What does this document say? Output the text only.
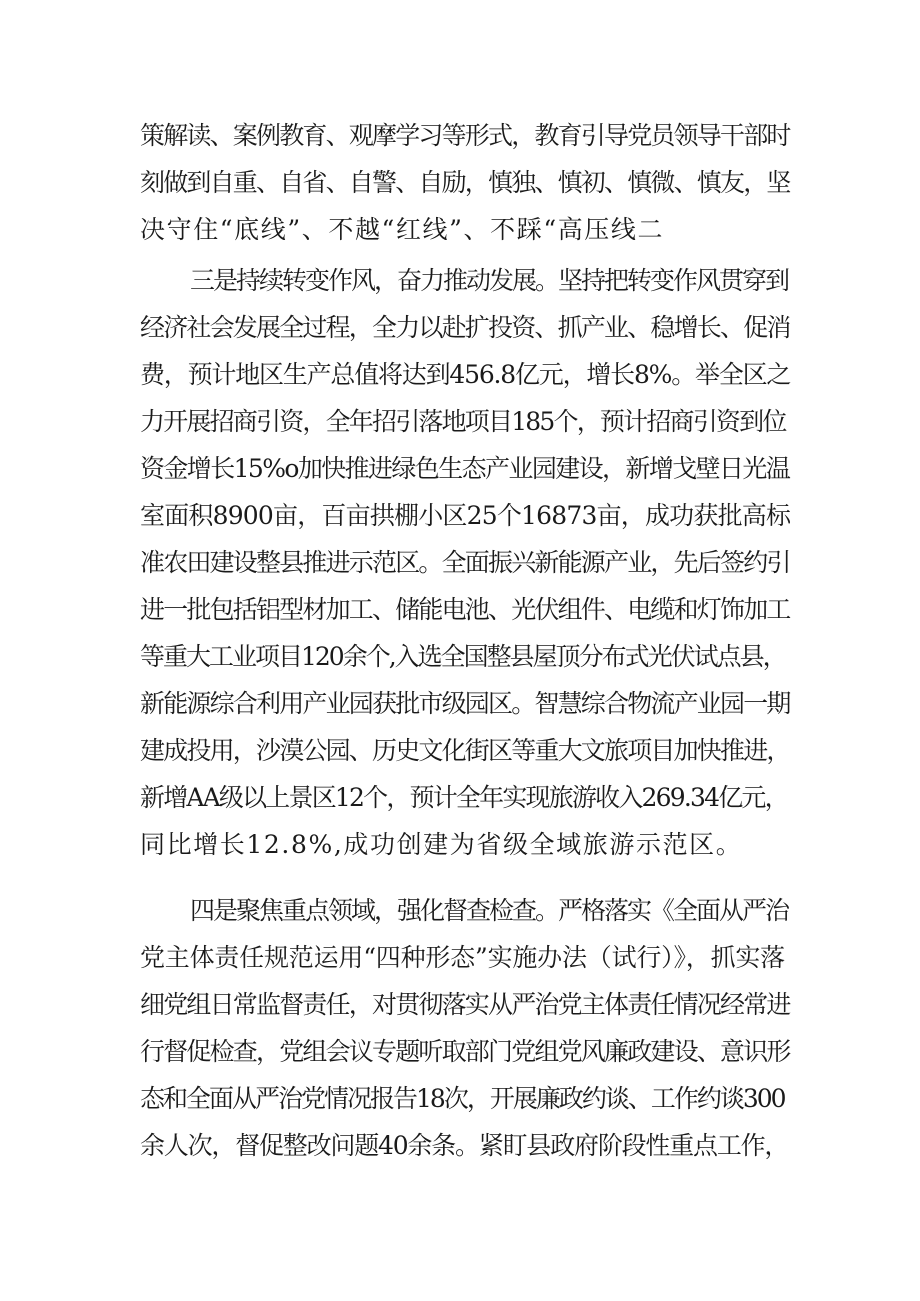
策解读、案例教育、观摩学习等形式，教育引导党员领导干部时
刻做到自重、自省、自警、自励，慎独、慎初、慎微、慎友，坚
决守住“底线”、不越“红线”、不踩“高压线二
三是持续转变作风，奋力推动发展。坚持把转变作风贯穿到
经济社会发展全过程，全力以赴扩投资、抓产业、稳增长、促消
费，预计地区生产总值将达到456.8亿元，增长8%。举全区之
力开展招商引资，全年招引落地项目185个，预计招商引资到位
资金增长15%o加快推进绿色生态产业园建设，新增戈壁日光温
室面积8900亩，百亩拱棚小区25个16873亩，成功获批高标
准农田建设整县推进示范区。全面振兴新能源产业，先后签约引
进一批包括铝型材加工、储能电池、光伏组件、电缆和灯饰加工
等重大工业项目120余个,入选全国整县屋顶分布式光伏试点县，
新能源综合利用产业园获批市级园区。智慧综合物流产业园一期
建成投用，沙漠公园、历史文化街区等重大文旅项目加快推进，
新增AA级以上景区12个，预计全年实现旅游收入269.34亿元，
同比增长12.8%,成功创建为省级全域旅游示范区。
四是聚焦重点领域，强化督查检查。严格落实《全面从严治
党主体责任规范运用“四种形态”实施办法（试行）》，抓实落
细党组日常监督责任，对贯彻落实从严治党主体责任情况经常进
行督促检查，党组会议专题听取部门党组党风廉政建设、意识形
态和全面从严治党情况报告18次，开展廉政约谈、工作约谈300
余人次，督促整改问题40余条。紧盯县政府阶段性重点工作，
